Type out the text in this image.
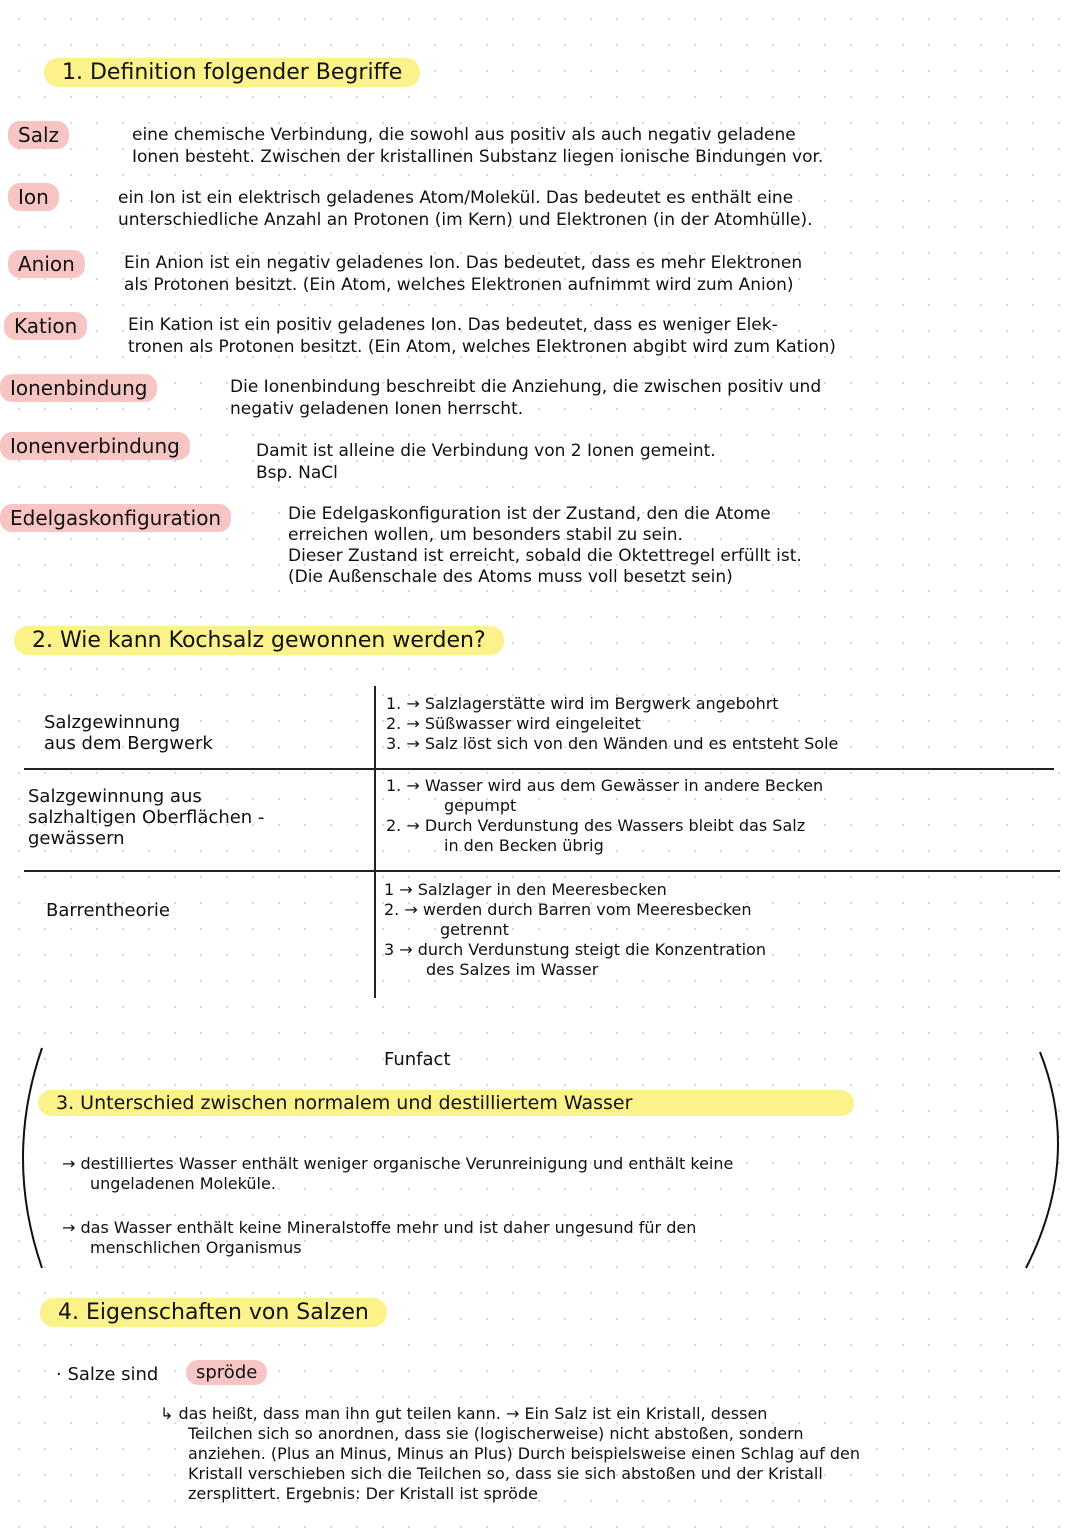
1. Definition folgender Begriffe
Salz	eine chemische Verbindung, die sowohl aus positiv als auch negativ geladene
Ionen besteht. Zwischen der kristallinen Substanz liegen ionische Bindungen vor.
Ion	ein Ion ist ein elektrisch geladenes Atom/Molekül. Das bedeutet es enthält eine
unterschiedliche Anzahl an Protonen (im Kern) und Elektronen (in der Atomhülle).
Anion	Ein Anion ist ein negativ geladenes Ion. Das bedeutet, dass es mehr Elektronen
als Protonen besitzt. (Ein Atom, welches Elektronen aufnimmt wird zum Anion)
Kation	Ein Kation ist ein positiv geladenes Ion. Das bedeutet, dass es weniger Elek-
tronen als Protonen besitzt. (Ein Atom, welches Elektronen abgibt wird zum Kation)
Ionenbindung	Die Ionenbindung beschreibt die Anziehung, die zwischen positiv und
negativ geladenen Ionen herrscht.
Ionenverbindung	Damit ist alleine die Verbindung von 2 Ionen gemeint.
Bsp. NaCl
Edelgaskonfiguration	Die Edelgaskonfiguration ist der Zustand, den die Atome
erreichen wollen, um besonders stabil zu sein.
Dieser Zustand ist erreicht, sobald die Oktettregel erfüllt ist.
(Die Außenschale des Atoms muss voll besetzt sein)
2. Wie kann Kochsalz gewonnen werden?
Salzgewinnung
aus dem Bergwerk
1. → Salzlagerstätte wird im Bergwerk angebohrt
2. → Süßwasser wird eingeleitet
3. → Salz löst sich von den Wänden und es entsteht Sole
Salzgewinnung aus
salzhaltigen Oberflächen -
gewässern
1. → Wasser wird aus dem Gewässer in andere Becken
gepumpt
2. → Durch Verdunstung des Wassers bleibt das Salz
in den Becken übrig
Barrentheorie
1 → Salzlager in den Meeresbecken
2. → werden durch Barren vom Meeresbecken
getrennt
3 → durch Verdunstung steigt die Konzentration
des Salzes im Wasser
Funfact
3. Unterschied zwischen normalem und destilliertem Wasser
→ destilliertes Wasser enthält weniger organische Verunreinigung und enthält keine
ungeladenen Moleküle.
→ das Wasser enthält keine Mineralstoffe mehr und ist daher ungesund für den
menschlichen Organismus
4. Eigenschaften von Salzen
· Salze sind	spröde
↳ das heißt, dass man ihn gut teilen kann. → Ein Salz ist ein Kristall, dessen
Teilchen sich so anordnen, dass sie (logischerweise) nicht abstoßen, sondern
anziehen. (Plus an Minus, Minus an Plus) Durch beispielsweise einen Schlag auf den
Kristall verschieben sich die Teilchen so, dass sie sich abstoßen und der Kristall
zersplittert. Ergebnis: Der Kristall ist spröde
